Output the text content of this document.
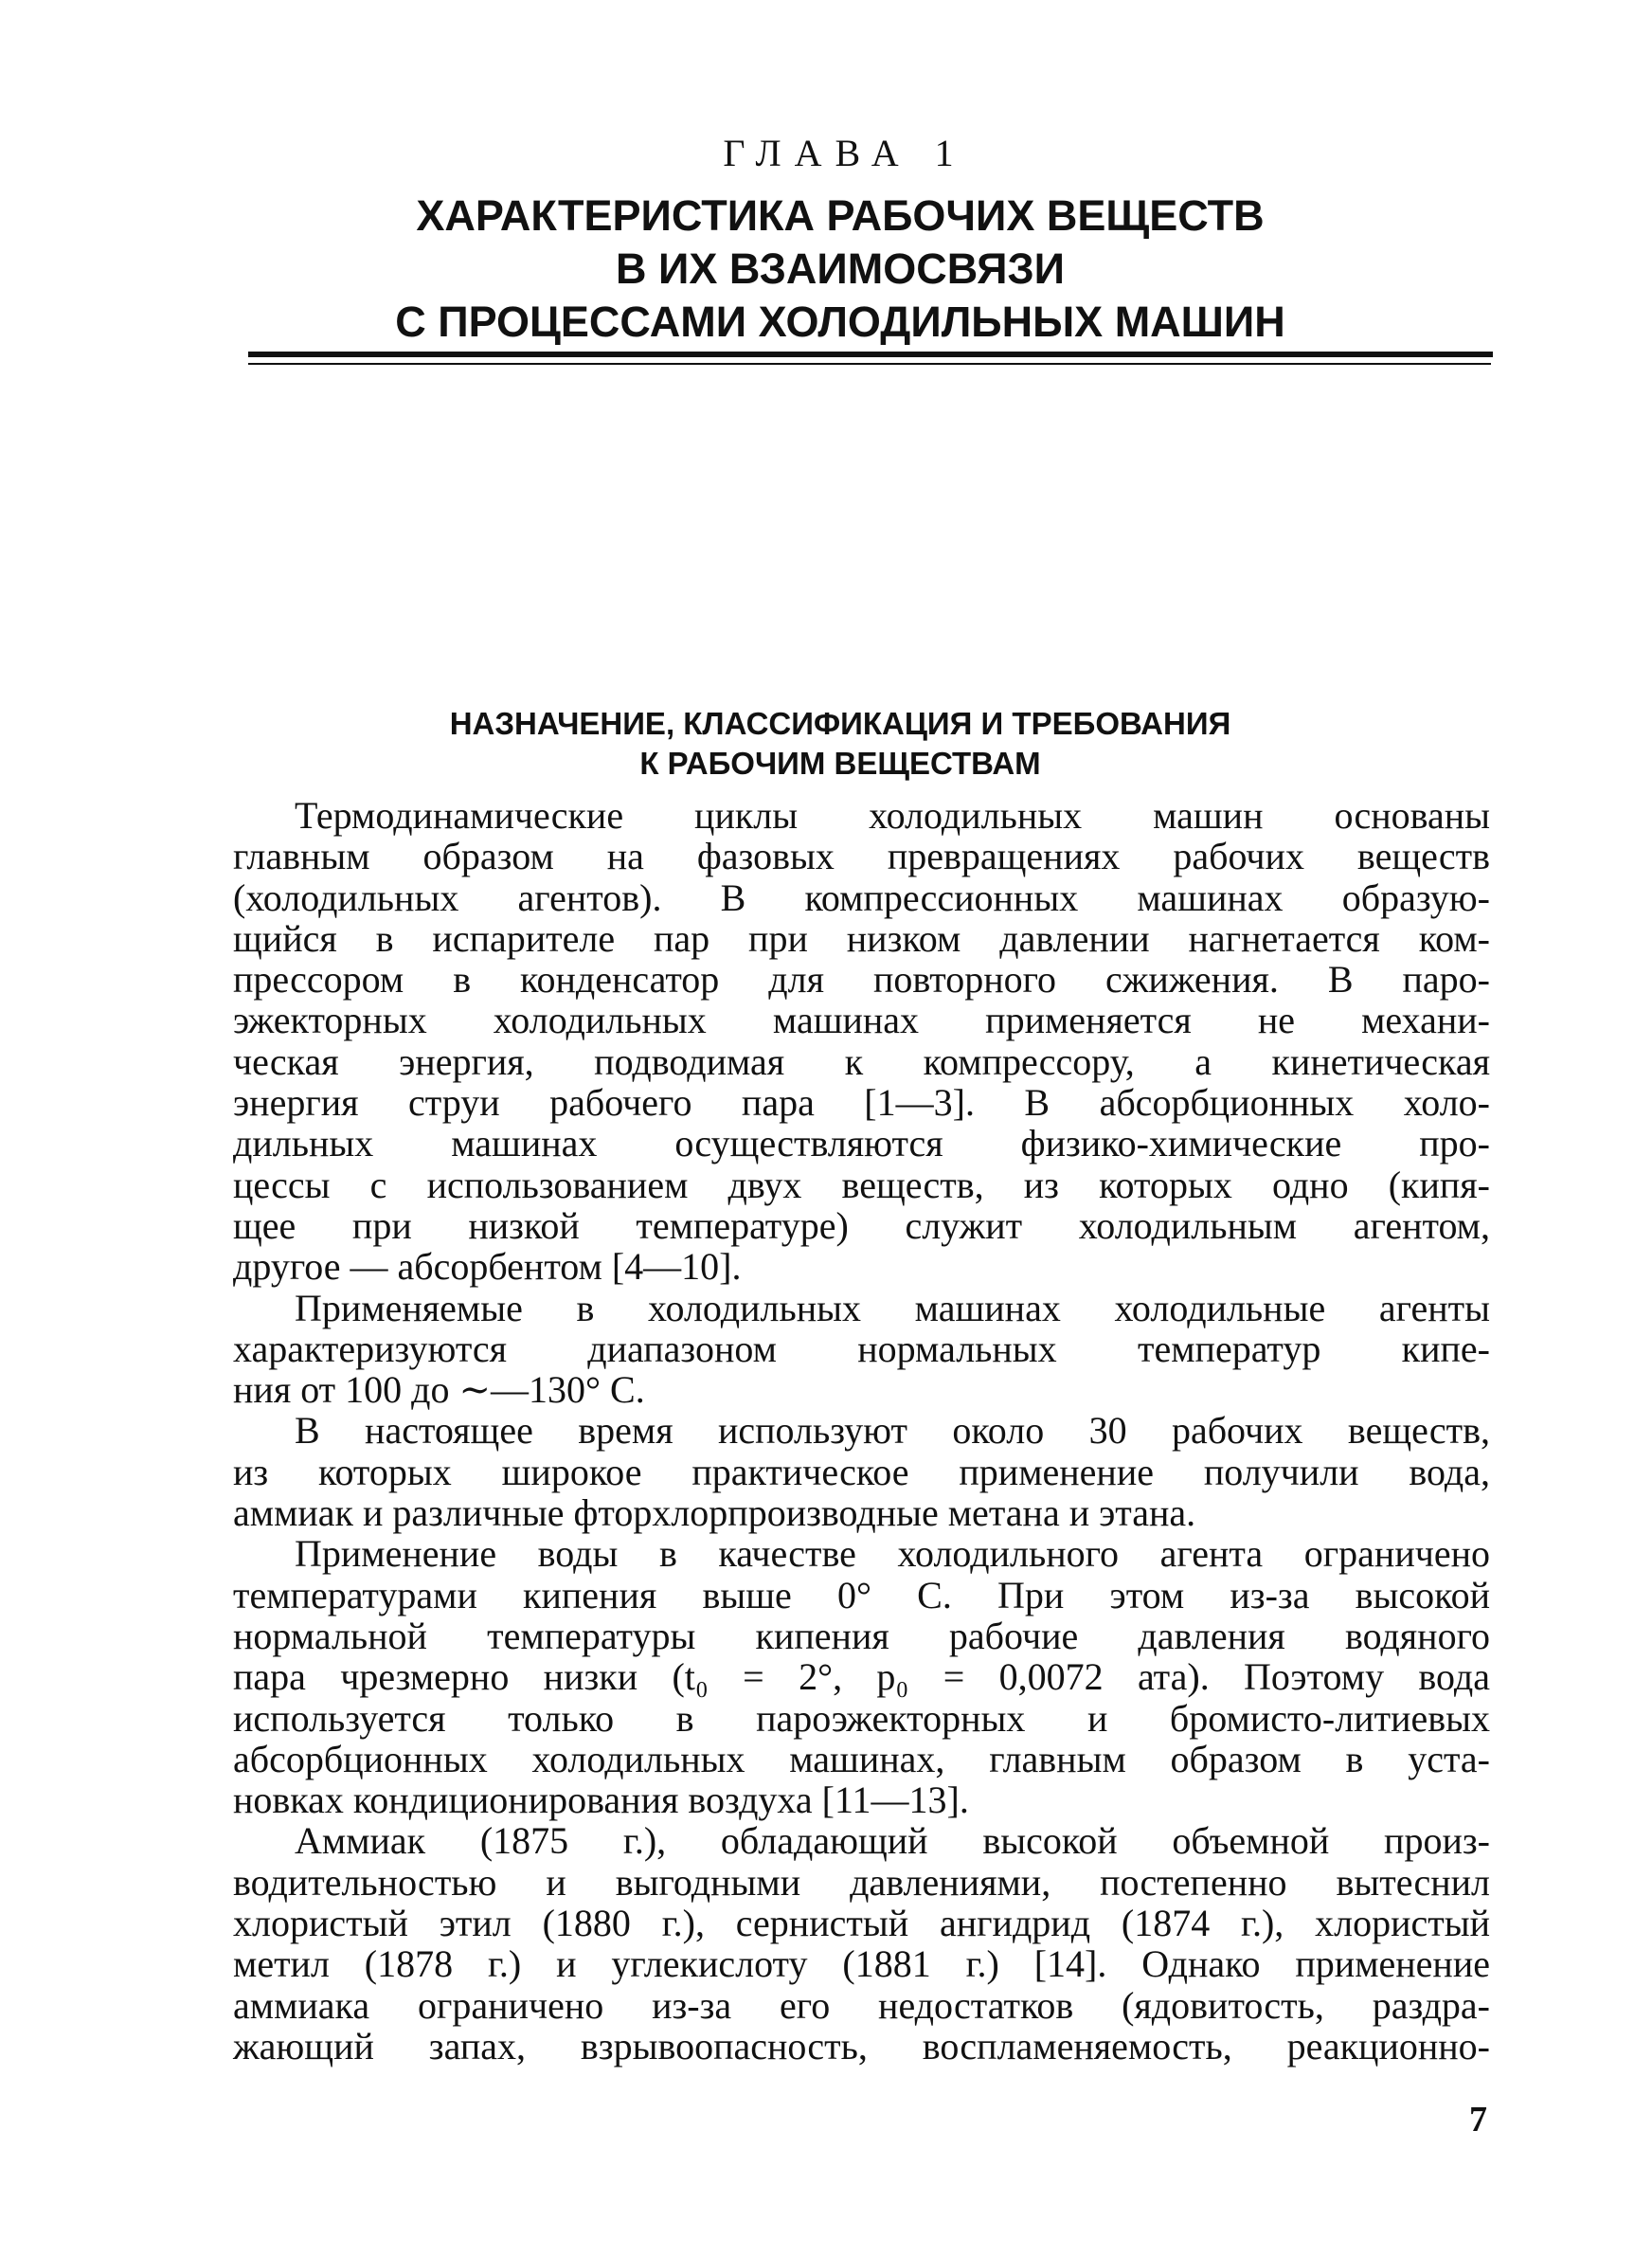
ГЛАВА 1
ХАРАКТЕРИСТИКА РАБОЧИХ ВЕЩЕСТВ
В ИХ ВЗАИМОСВЯЗИ
С ПРОЦЕССАМИ ХОЛОДИЛЬНЫХ МАШИН
НАЗНАЧЕНИЕ, КЛАССИФИКАЦИЯ И ТРЕБОВАНИЯ
К РАБОЧИМ ВЕЩЕСТВАМ
Термодинамические циклы холодильных машин основаны
главным образом на фазовых превращениях рабочих веществ
(холодильных агентов). В компрессионных машинах образую-
щийся в испарителе пар при низком давлении нагнетается ком-
прессором в конденсатор для повторного сжижения. В паро-
эжекторных холодильных машинах применяется не механи-
ческая энергия, подводимая к компрессору, а кинетическая
энергия струи рабочего пара [1—3]. В абсорбционных холо-
дильных машинах осуществляются физико-химические про-
цессы с использованием двух веществ, из которых одно (кипя-
щее при низкой температуре) служит холодильным агентом,
другое — абсорбентом [4—10].
Применяемые в холодильных машинах холодильные агенты
характеризуются диапазоном нормальных температур кипе-
ния от 100 до ∼—130° С.
В настоящее время используют около 30 рабочих веществ,
из которых широкое практическое применение получили вода,
аммиак и различные фторхлорпроизводные метана и этана.
Применение воды в качестве холодильного агента ограничено
температурами кипения выше 0° С. При этом из-за высокой
нормальной температуры кипения рабочие давления водяного
пара чрезмерно низки (t₀ = 2°, p₀ = 0,0072 ата). Поэтому вода
используется только в пароэжекторных и бромисто-литиевых
абсорбционных холодильных машинах, главным образом в уста-
новках кондиционирования воздуха [11—13].
Аммиак (1875 г.), обладающий высокой объемной произ-
водительностью и выгодными давлениями, постепенно вытеснил
хлористый этил (1880 г.), сернистый ангидрид (1874 г.), хлористый
метил (1878 г.) и углекислоту (1881 г.) [14]. Однако применение
аммиака ограничено из-за его недостатков (ядовитость, раздра-
жающий запах, взрывоопасность, воспламеняемость, реакционно-
7
